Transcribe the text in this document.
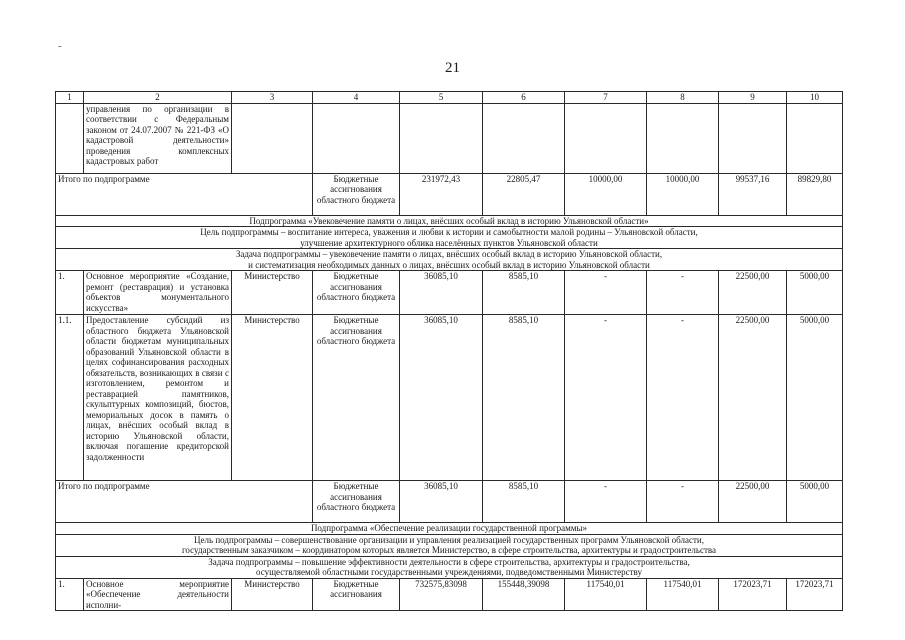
-
21
1	2	3	4	5	6	7	8	9	10
	управления по организации в соответствии с Федеральным законом от 24.07.2007 № 221-ФЗ «О кадастровой деятельности» проведения комплексных кадастровых работ								
Итого по подпрограмме			Бюджетные ассигнования областного бюджета	231972,43	22805,47	10000,00	10000,00	99537,16	89829,80
Подпрограмма «Увековечение памяти о лицах, внёсших особый вклад в историю Ульяновской области»									

Цель подпрограммы – воспитание интереса, уважения и любви к истории и самобытности малой родины – Ульяновской области,
улучшение архитектурного облика населённых пунктов Ульяновской области									

Задача подпрограммы – увековечение памяти о лицах, внёсших особый вклад в историю Ульяновской области,
и систематизация необходимых данных о лицах, внёсших особый вклад в историю Ульяновской области									

1.	Основное мероприятие «Создание, ремонт (реставрация) и установка объектов монументального искусства»	Министерство	Бюджетные ассигнования областного бюджета	36085,10	8585,10	-	-	22500,00	5000,00
1.1.	Предоставление субсидий из областного бюджета Ульяновской области бюджетам муниципальных образований Ульяновской области в целях софинансирования расходных обязательств, возникающих в связи с изготовлением, ремонтом и реставрацией памятников, скульптурных композиций, бюстов, мемориальных досок в память о лицах, внёсших особый вклад в историю Ульяновской области, включая погашение кредиторской задолженности	Министерство	Бюджетные ассигнования областного бюджета	36085,10	8585,10	-	-	22500,00	5000,00
Итого по подпрограмме			Бюджетные ассигнования областного бюджета	36085,10	8585,10	-	-	22500,00	5000,00
Подпрограмма «Обеспечение реализации государственной программы»									

Цель подпрограммы – совершенствование организации и управления реализацией государственных программ Ульяновской области,
государственным заказчиком – координатором которых является Министерство, в сфере строительства, архитектуры и градостроительства									

Задача подпрограммы – повышение эффективности деятельности в сфере строительства, архитектуры и градостроительства,
осуществляемой областными государственными учреждениями, подведомственными Министерству									

1.	Основное мероприятие «Обеспечение деятельности исполни-	Министерство	Бюджетные ассигнования	732575,83098	155448,39098	117540,01	117540,01	172023,71	172023,71
